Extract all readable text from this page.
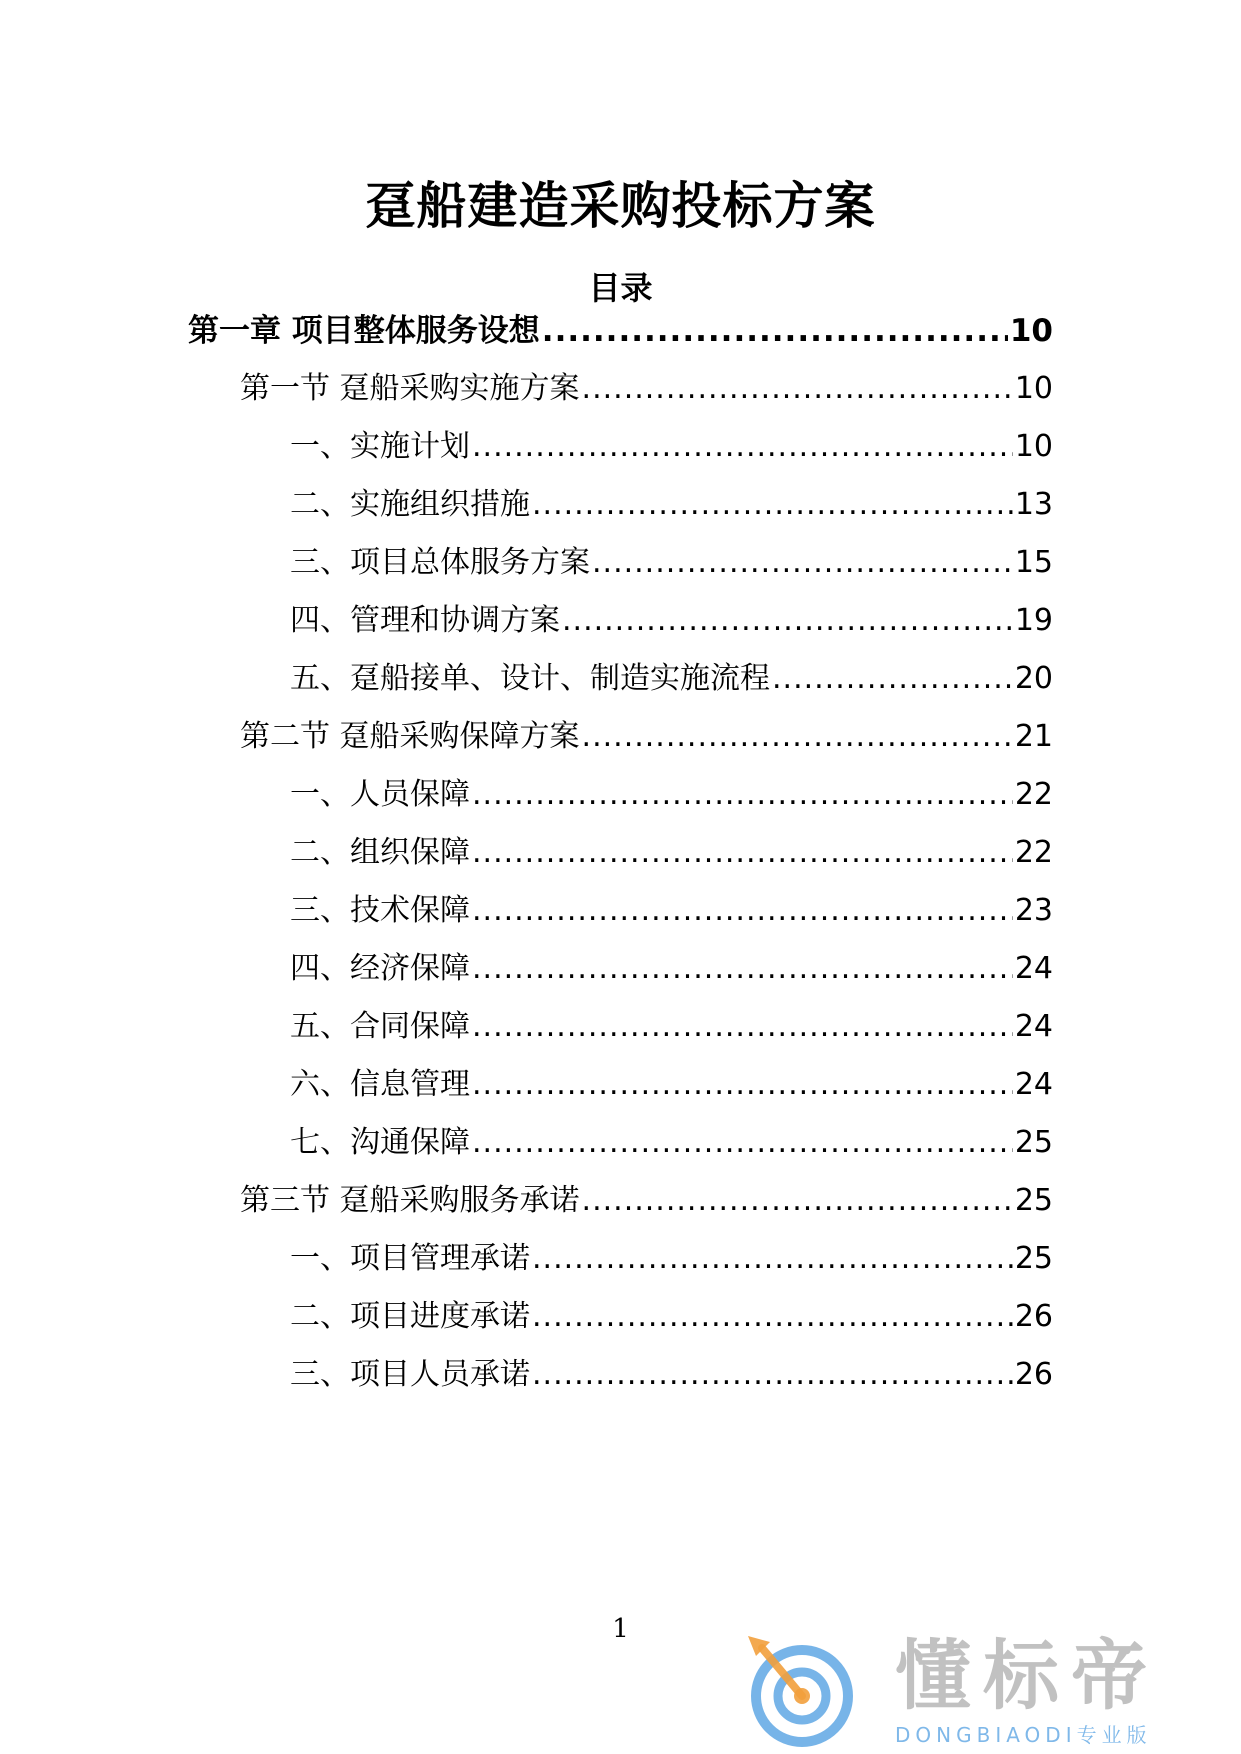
趸船建造采购投标方案
目录
第一章 项目整体服务设想 .....	10
第一节 趸船采购实施方案 .....	10
一、实施计划 .....	10
二、实施组织措施 .....	13
三、项目总体服务方案 .....	15
四、管理和协调方案 .....	19
五、趸船接单、设计、制造实施流程 .....	20
第二节 趸船采购保障方案 .....	21
一、人员保障 .....	22
二、组织保障 .....	22
三、技术保障 .....	23
四、经济保障 .....	24
五、合同保障 .....	24
六、信息管理 .....	24
七、沟通保障 .....	25
第三节 趸船采购服务承诺 .....	25
一、项目管理承诺 .....	25
二、项目进度承诺 .....	26
三、项目人员承诺 .....	26
1
懂标帝
DONGBIAODI专业版
